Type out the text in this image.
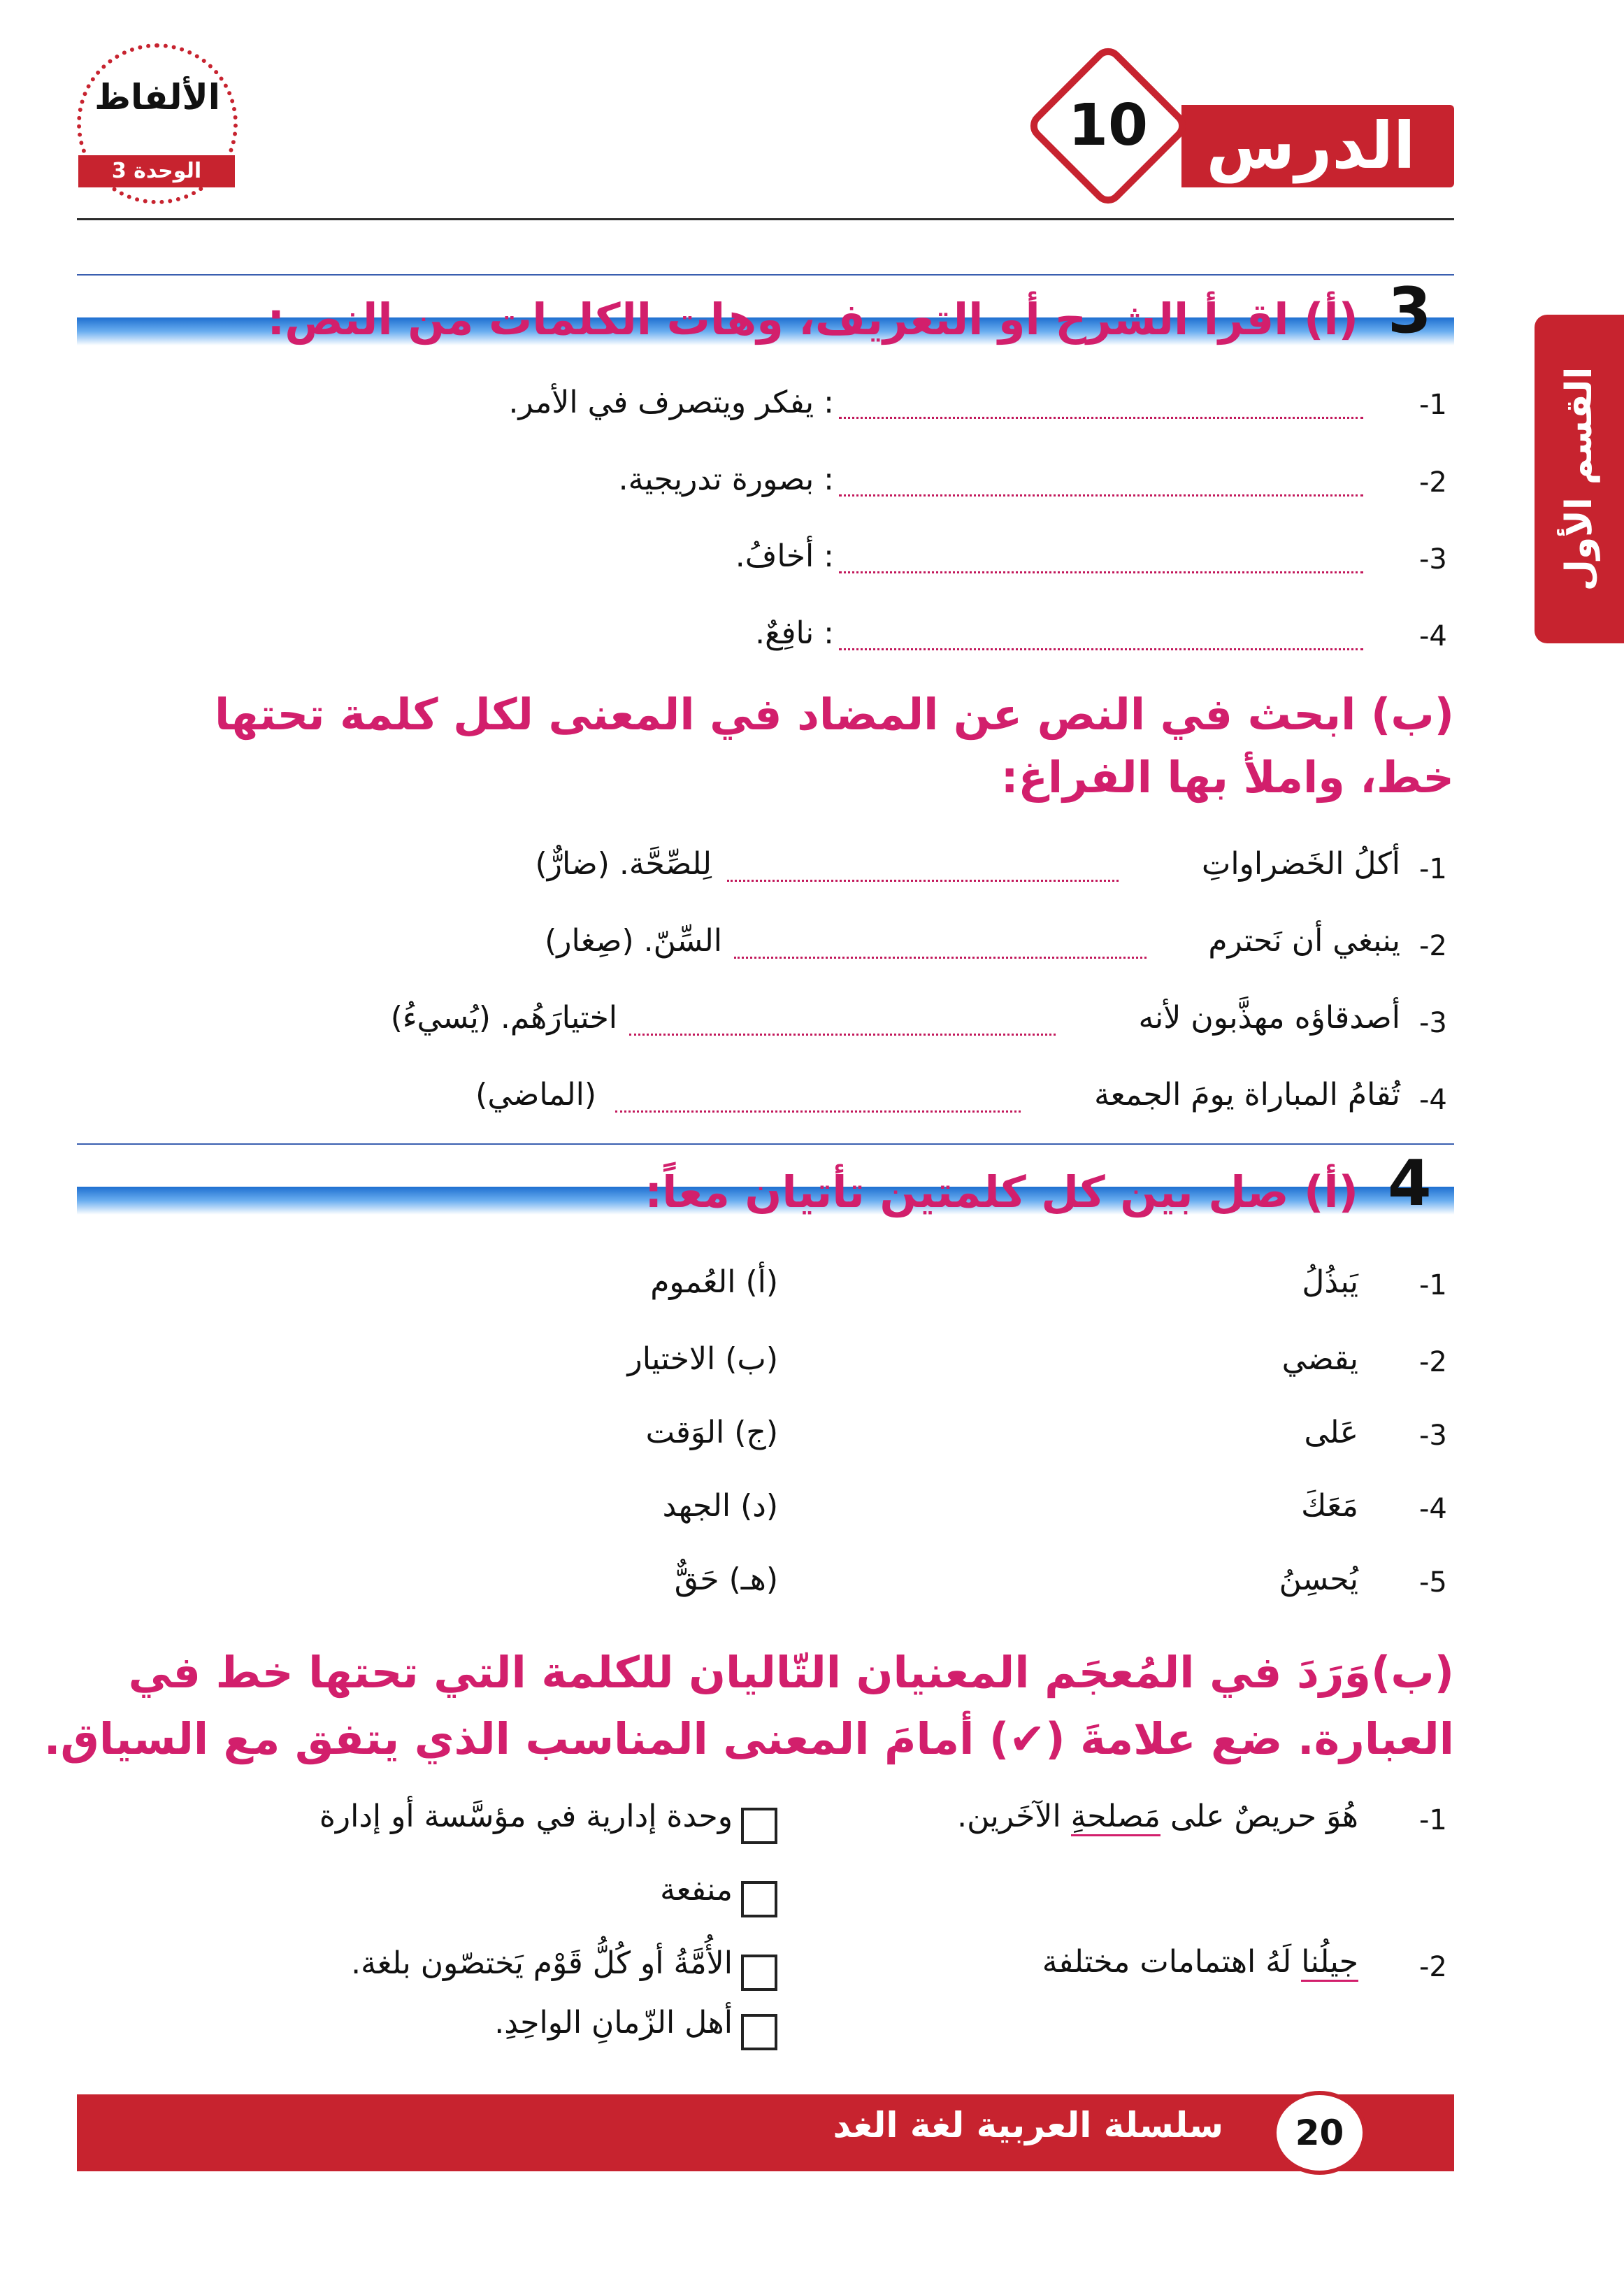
الدرس
10
الألفاظ
الوحدة 3
القسم الأول
3
(أ) اقرأ الشرح أو التعريف، وهات الكلمات من النص:
-1
: يفكر ويتصرف في الأمر.
-2
: بصورة تدريجية.
-3
: أخافُ.
-4
: نافِعٌ.
(ب) ابحث في النص عن المضاد في المعنى لكل كلمة تحتها
خط، واملأ بها الفراغ:
-1
أكلُ الخَضراواتِ
لِلصِّحَّة. (ضارٌّ)
-2
ينبغي أن نَحترم
السِّنّ. (صِغار)
-3
أصدقاؤه مهذَّبون لأنه
اختيارَهُم. (يُسيءُ)
-4
تُقامُ المباراة يومَ الجمعة
(الماضي)
4
(أ) صل بين كل كلمتين تأتيان معاً:
-1
يَبذُلُ
(أ) العُموم
-2
يقضي
(ب) الاختيار
-3
عَلى
(ج) الوَقت
-4
مَعَكَ
(د) الجهد
-5
يُحسِنُ
(هـ) حَقٌّ
(ب)وَرَدَ في المُعجَم المعنيان التّاليان للكلمة التي تحتها خط في
العبارة. ضع علامةَ (✔) أمامَ المعنى المناسب الذي يتفق مع السياق.
-1
هُوَ حريصٌ على مَصلحةِ الآخَرين.
وحدة إدارية في مؤسَّسة أو إدارة
منفعة
-2
جيلُنا لَهُ اهتمامات مختلفة
الأُمَّةُ أو كُلُّ قَوْم يَختصّون بلغة.
أهل الزّمانِ الواحِدِ.
سلسلة العربية لغة الغد	20
